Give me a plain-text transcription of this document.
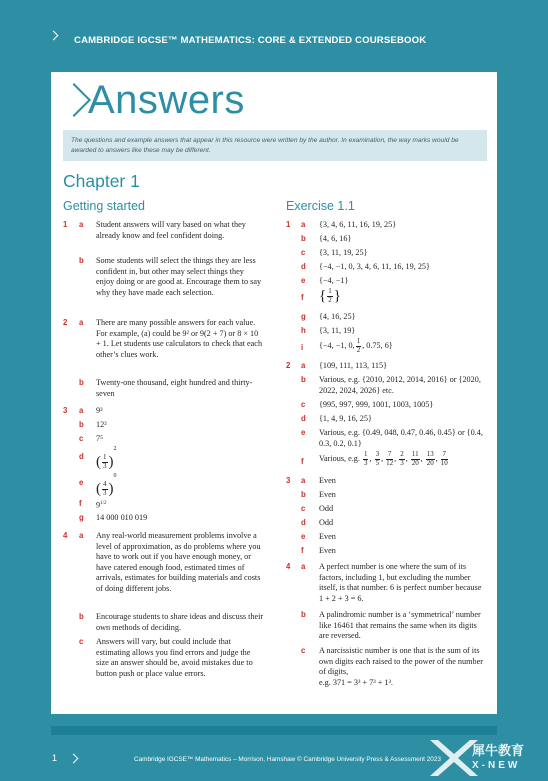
CAMBRIDGE IGCSE™ MATHEMATICS: CORE & EXTENDED COURSEBOOK
Answers
The questions and example answers that appear in this resource were written by the author. In examination, the way marks would be awarded to answers like these may be different.
Chapter 1
Getting started	Exercise 1.1
1 a Student answers will vary based on what they already know and feel confident doing.
b Some students will select the things they are less confident in, but other may select things they enjoy doing or are good at. Encourage them to say why they have made each selection.
2 a There are many possible answers for each value. For example, (a) could be 9² or 9(2 + 7) or 8 × 10 + 1. Let students use calculators to check that each other’s clues work.
b Twenty-one thousand, eight hundred and thirty-seven
3 a 9³
b 12²
c 7⁵
d ( $\frac{1}{3} )^2$
e ( $\frac{4}{3} )^0$
f $9^{1/2}$
g 14 000 010 019
4 a Any real-world measurement problems involve a level of approximation, as do problems where you have to work out if you have enough money, or have catered enough food, estimated times of arrivals, estimates for building materials and costs of doing different jobs.
b Encourage students to share ideas and discuss their own methods of deciding.
c Answers will vary, but could include that estimating allows you find errors and judge the size an answer should be, avoid mistakes due to button push or place value errors.
1 a {3, 4, 6, 11, 16, 19, 25}
b {4, 6, 16}
c {3, 11, 19, 25}
d {−4, −1, 0, 3, 4, 6, 11, 16, 19, 25}
e {−4, −1}
f { $\frac{1}{2}$ }
g {4, 16, 25}
h {3, 11, 19}
i {−4, −1, 0, $\frac{1}{2}$ , 0.75, 6}
2 a {109, 111, 113, 115}
b Various, e.g. {2010, 2012, 2014, 2016} or {2020, 2022, 2024, 2026} etc.
c {995, 997, 999, 1001, 1003, 1005}
d {1, 4, 9, 16, 25}
e Various, e.g. {0.49, 048, 0.47, 0.46, 0.45} or {0.4, 0.3, 0.2, 0.1}
f Various, e.g. $\frac{1}{3}$ , $\frac{3}{5}$ , $\frac{7}{12}$ , $\frac{2}{3}$ , $\frac{11}{20}$ , $\frac{13}{20}$ , $\frac{7}{10}$
3 a Even
b Even
c Odd
d Odd
e Even
f Even
4 a A perfect number is one where the sum of its factors, including 1, but excluding the number itself, is that number. 6 is perfect number because 1 + 2 + 3 = 6.
b A palindromic number is a ‘symmetrical’ number like 16461 that remains the same when its digits are reversed.
c A narcissistic number is one that is the sum of its own digits each raised to the power of the number of digits,
e.g. 371 = 3³ + 7³ + 1³.
1	Cambridge IGCSE™ Mathematics – Morrison, Hamshaw © Cambridge University Press & Assessment 2023
犀牛教育
X-NEW
